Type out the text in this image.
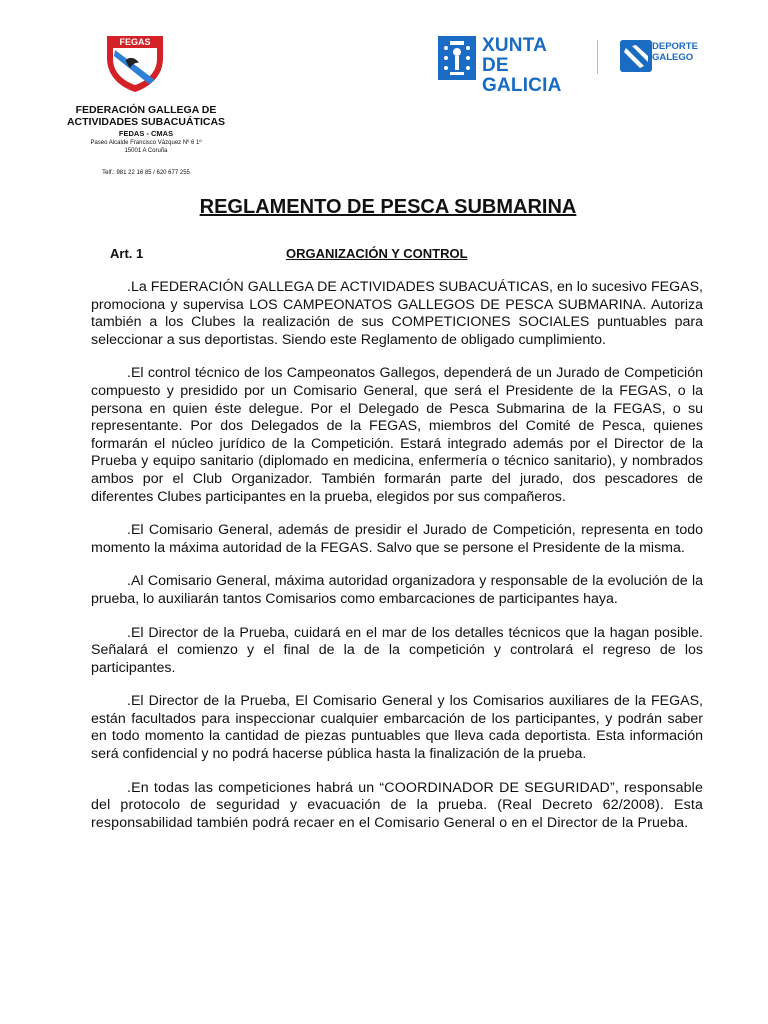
FEGAS
FEDERACIÓN GALLEGA DE
ACTIVIDADES SUBACUÁTICAS
FEDAS - CMAS
Paseo Alcalde Francisco Vázquez Nº 6 1º
15001 A Coruña
Telf.: 981 22 16 85 / 620 677 255
XUNTA
DE GALICIA
DEPORTE
GALEGO
REGLAMENTO DE PESCA SUBMARINA
Art. 1	ORGANIZACIÓN Y CONTROL

.La FEDERACIÓN GALLEGA DE ACTIVIDADES SUBACUÁTICAS, en lo sucesivo FEGAS, promociona y supervisa LOS CAMPEONATOS GALLEGOS DE PESCA SUBMARINA. Autoriza también a los Clubes la realización de sus COMPETICIONES SOCIALES puntuables para seleccionar a sus deportistas. Siendo este Reglamento de obligado cumplimiento.

.El control técnico de los Campeonatos Gallegos, dependerá de un Jurado de Competición compuesto y presidido por un Comisario General, que será el Presidente de la FEGAS, o la persona en quien éste delegue. Por el Delegado de Pesca Submarina de la FEGAS, o su representante. Por dos Delegados de la FEGAS, miembros del Comité de Pesca, quienes formarán el núcleo jurídico de la Competición. Estará integrado además por el Director de la Prueba y equipo sanitario (diplomado en medicina, enfermería o técnico sanitario), y nombrados ambos por el Club Organizador. También formarán parte del jurado, dos pescadores de diferentes Clubes participantes en la prueba, elegidos por sus compañeros.

.El Comisario General, además de presidir el Jurado de Competición, representa en todo momento la máxima autoridad de la FEGAS. Salvo que se persone el Presidente de la misma.

.Al Comisario General, máxima autoridad organizadora y responsable de la evolución de la prueba, lo auxiliarán tantos Comisarios como embarcaciones de participantes haya.

.El Director de la Prueba, cuidará en el mar de los detalles técnicos que la hagan posible. Señalará el comienzo y el final de la de la competición y controlará el regreso de los participantes.

.El Director de la Prueba, El Comisario General y los Comisarios auxiliares de la FEGAS, están facultados para inspeccionar cualquier embarcación de los participantes, y podrán saber en todo momento la cantidad de piezas puntuables que lleva cada deportista. Esta información será confidencial y no podrá hacerse pública hasta la finalización de la prueba.

.En todas las competiciones habrá un “COORDINADOR DE SEGURIDAD”, responsable del protocolo de seguridad y evacuación de la prueba. (Real Decreto 62/2008). Esta responsabilidad también podrá recaer en el Comisario General o en el Director de la Prueba.
